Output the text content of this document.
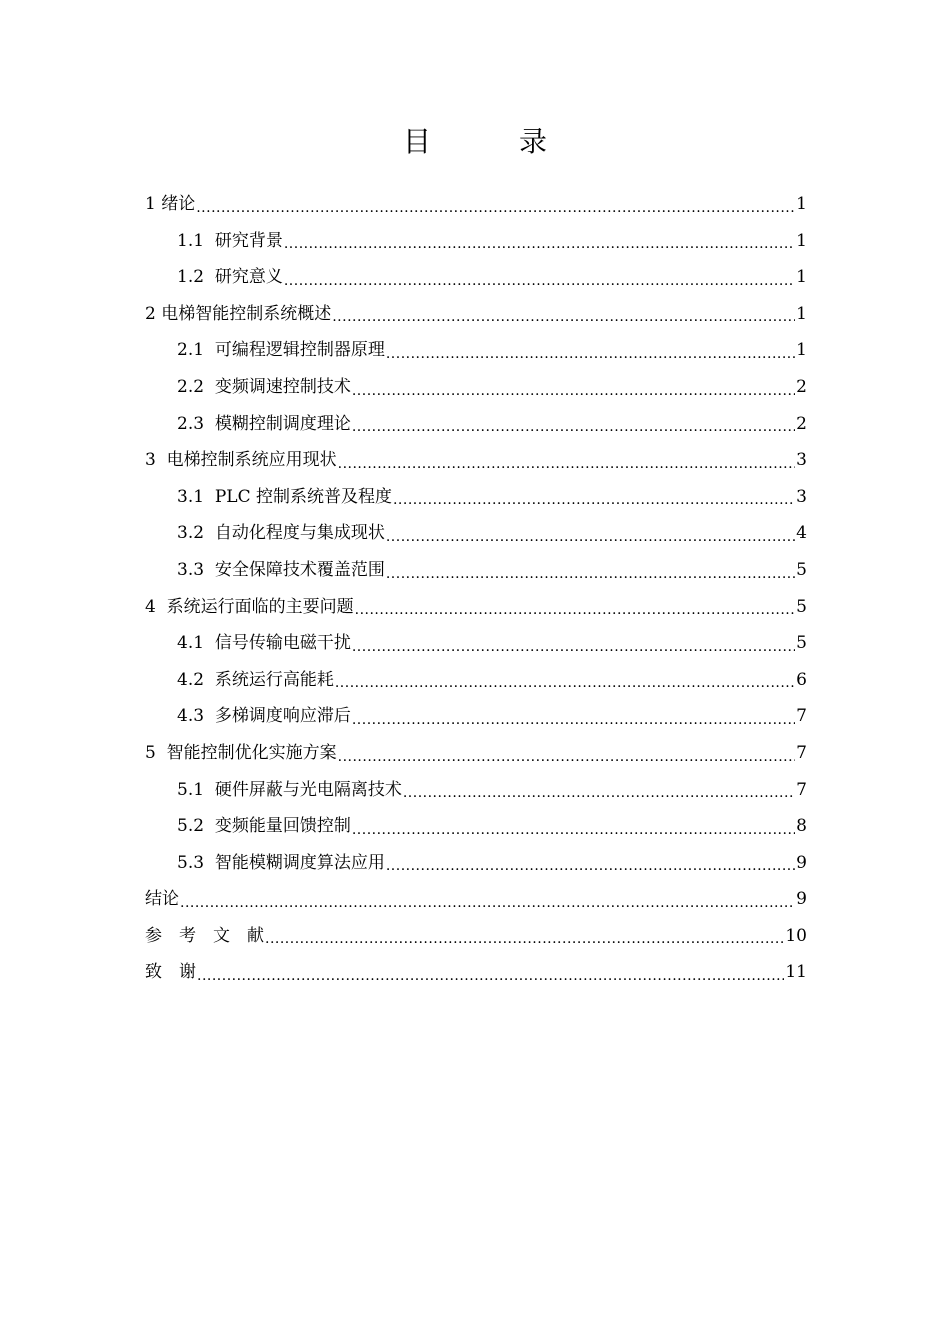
目　录
1 绪论 .....	1
1.1 研究背景 .....	1
1.2 研究意义 .....	1
2 电梯智能控制系统概述 .....	1
2.1 可编程逻辑控制器原理 .....	1
2.2 变频调速控制技术 .....	2
2.3 模糊控制调度理论 .....	2
3 电梯控制系统应用现状 .....	3
3.1 PLC 控制系统普及程度 .....	3
3.2 自动化程度与集成现状 .....	4
3.3 安全保障技术覆盖范围 .....	5
4 系统运行面临的主要问题 .....	5
4.1 信号传输电磁干扰 .....	5
4.2 系统运行高能耗 .....	6
4.3 多梯调度响应滞后 .....	7
5 智能控制优化实施方案 .....	7
5.1 硬件屏蔽与光电隔离技术 .....	7
5.2 变频能量回馈控制 .....	8
5.3 智能模糊调度算法应用 .....	9
结论 .....	9
参　考　文　献 .....	10
致　谢 .....	11
